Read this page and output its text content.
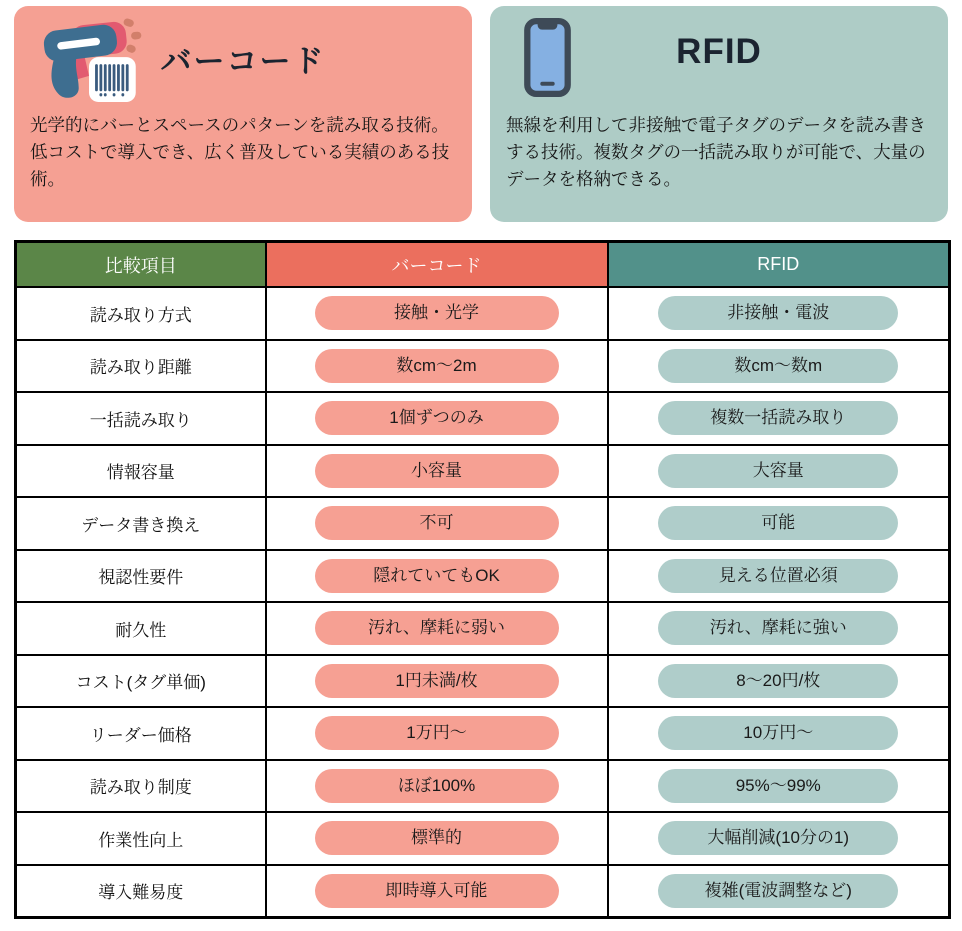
バーコード

光学的にバーとスペースのパターンを読み取る技術。低コストで導入でき、広く普及している実績のある技術。

RFID

無線を利用して非接触で電子タグのデータを読み書きする技術。複数タグの一括読み取りが可能で、大量のデータを格納できる。

比較項目	バーコード	RFID
読み取り方式	接触・光学	非接触・電波
読み取り距離	数cm～2m	数cm～数m
一括読み取り	1個ずつのみ	複数一括読み取り
情報容量	小容量	大容量
データ書き換え	不可	可能
視認性要件	隠れていてもOK	見える位置必須
耐久性	汚れ、摩耗に弱い	汚れ、摩耗に強い
コスト(タグ単価)	1円未満/枚	8～20円/枚
リーダー価格	1万円～	10万円～
読み取り制度	ほぼ100%	95%～99%
作業性向上	標準的	大幅削減(10分の1)
導入難易度	即時導入可能	複雑(電波調整など)
